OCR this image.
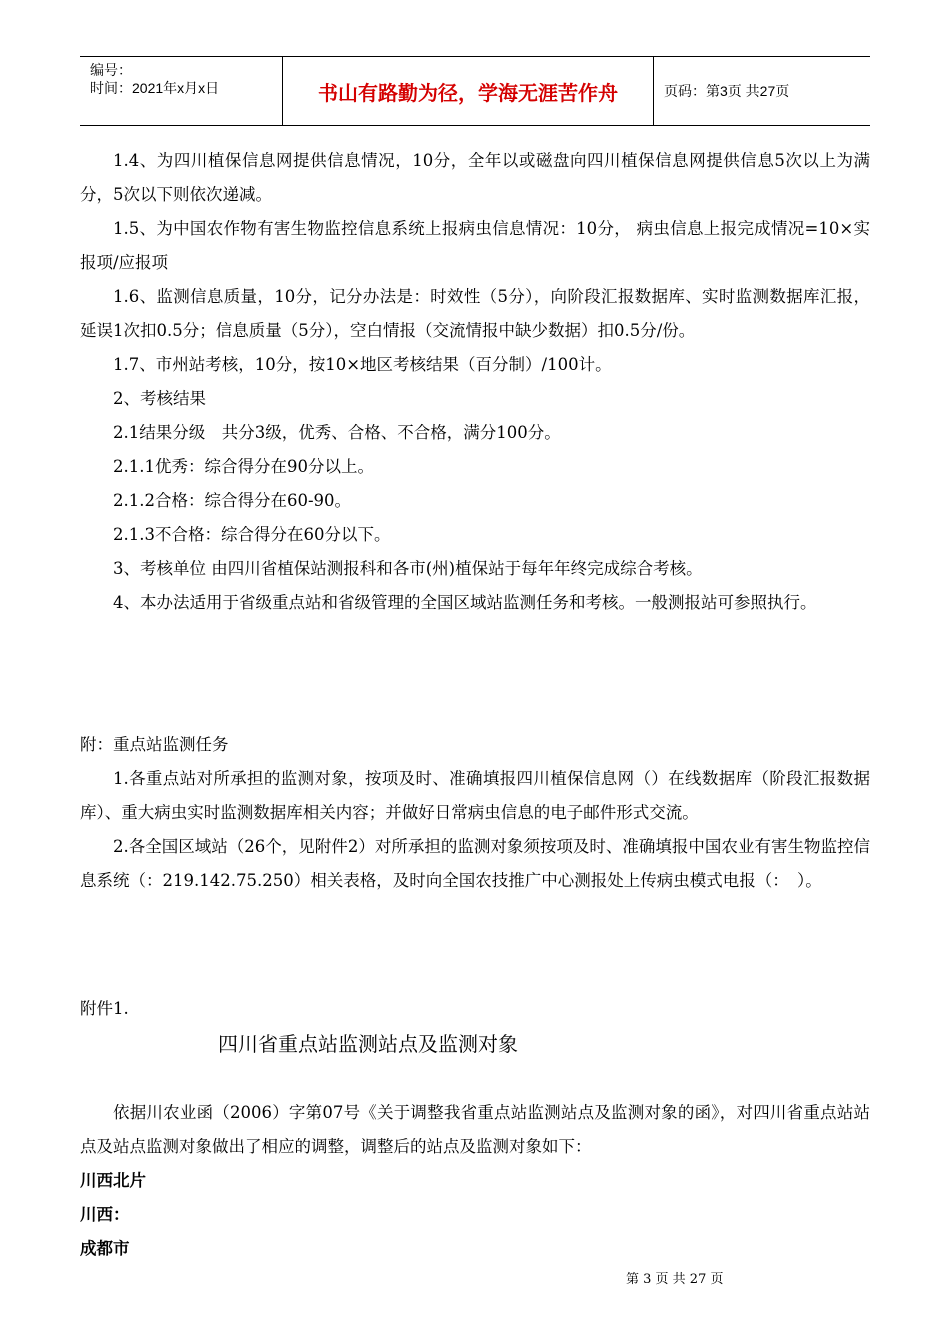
编号：
时间：2021年x月x日	书山有路勤为径，学海无涯苦作舟	页码：第3页 共27页

1.4、为四川植保信息网提供信息情况，10分，全年以或磁盘向四川植保信息网提供信息5次以上为满分，5次以下则依次递减。

1.5、为中国农作物有害生物监控信息系统上报病虫信息情况：10分， 病虫信息上报完成情况=10×实报项/应报项

1.6、监测信息质量，10分，记分办法是：时效性（5分），向阶段汇报数据库、实时监测数据库汇报，延误1次扣0.5分；信息质量（5分），空白情报（交流情报中缺少数据）扣0.5分/份。

1.7、市州站考核，10分，按10×地区考核结果（百分制）/100计。

2、考核结果

2.1结果分级　共分3级，优秀、合格、不合格，满分100分。

2.1.1优秀：综合得分在90分以上。

2.1.2合格：综合得分在60-90。

2.1.3不合格：综合得分在60分以下。

3、考核单位 由四川省植保站测报科和各市(州)植保站于每年年终完成综合考核。

4、本办法适用于省级重点站和省级管理的全国区域站监测任务和考核。一般测报站可参照执行。

附：重点站监测任务

1.各重点站对所承担的监测对象，按项及时、准确填报四川植保信息网（）在线数据库（阶段汇报数据库）、重大病虫实时监测数据库相关内容；并做好日常病虫信息的电子邮件形式交流。

2.各全国区域站（26个，见附件2）对所承担的监测对象须按项及时、准确填报中国农业有害生物监控信息系统（：219.142.75.250）相关表格，及时向全国农技推广中心测报处上传病虫模式电报（：　）。

附件1.

四川省重点站监测站点及监测对象

依据川农业函（2006）字第07号《关于调整我省重点站监测站点及监测对象的函》，对四川省重点站站点及站点监测对象做出了相应的调整，调整后的站点及监测对象如下：

川西北片

川西：

成都市

第 3 页 共 27 页
